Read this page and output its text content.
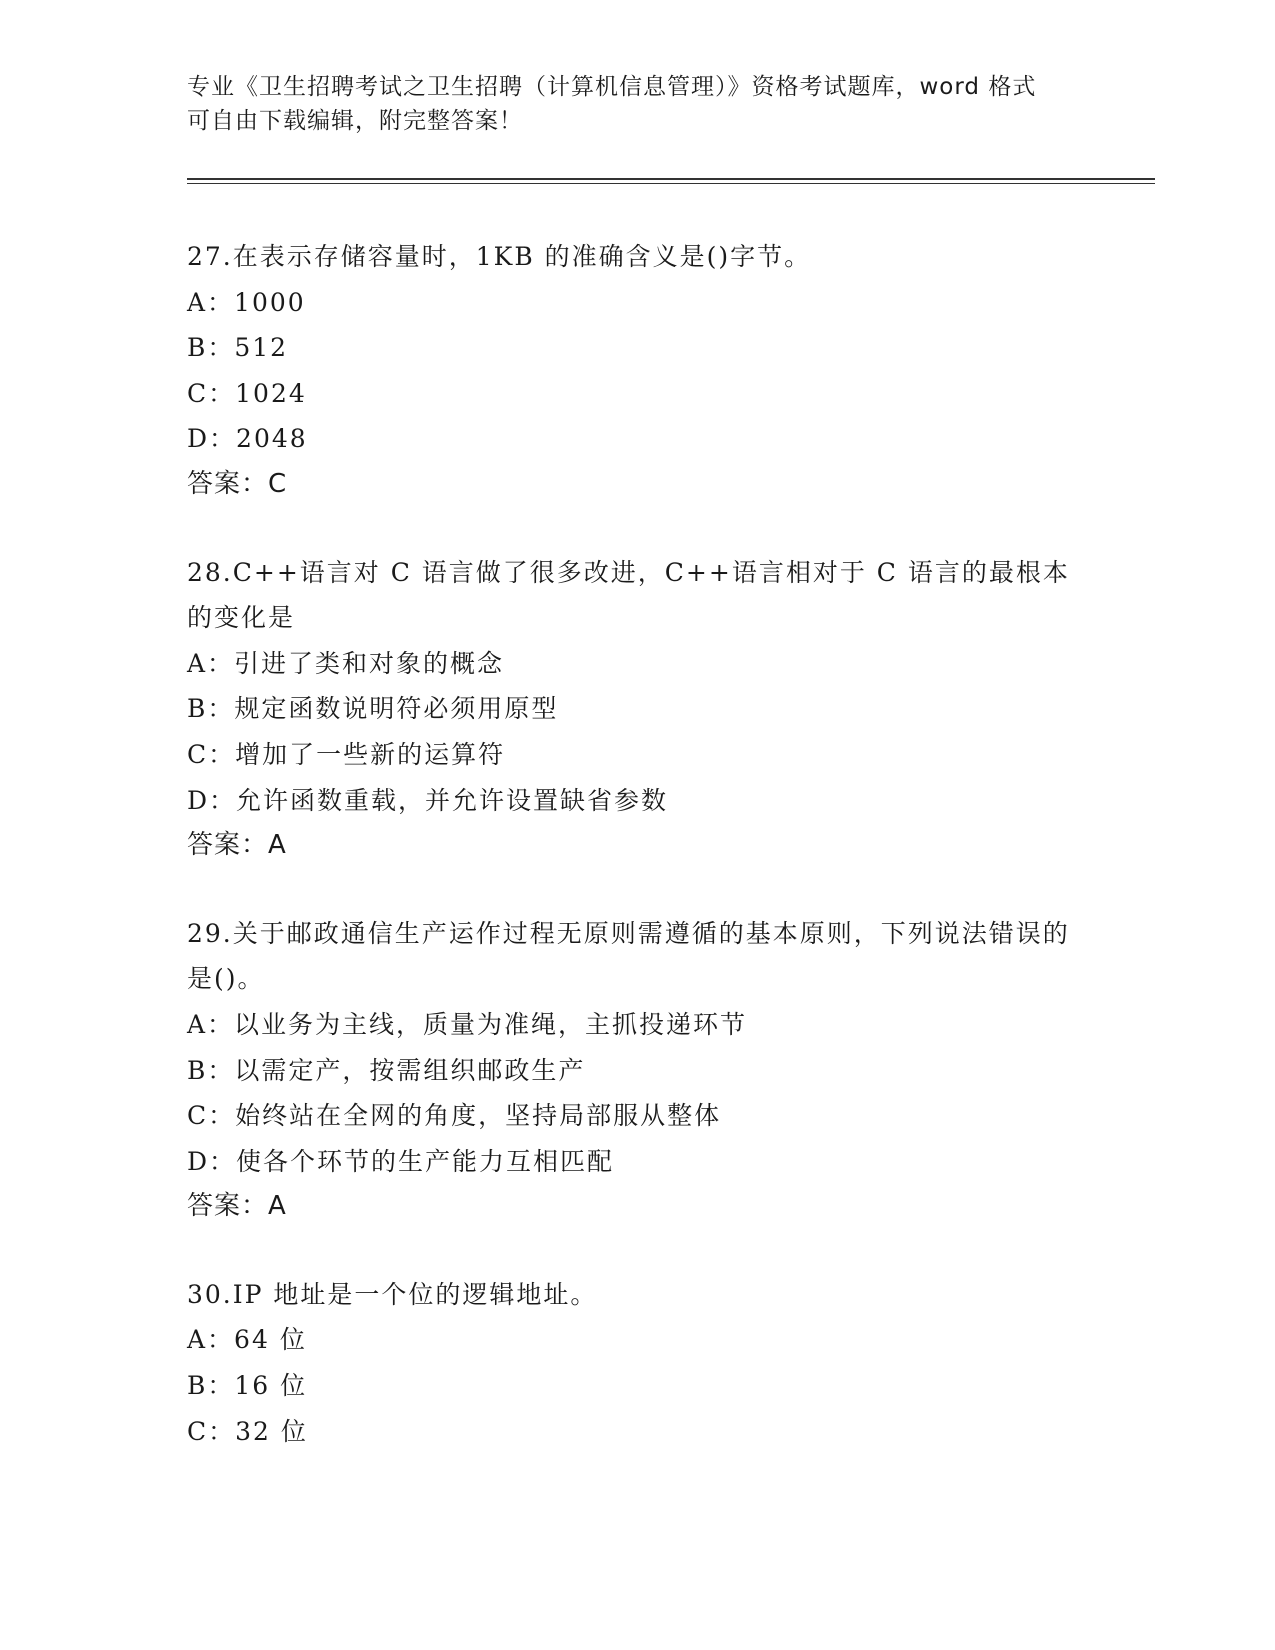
专业《卫生招聘考试之卫生招聘（计算机信息管理）》资格考试题库，word 格式
可自由下载编辑，附完整答案！
27.在表示存储容量时，1KB 的准确含义是()字节。
A：1000
B：512
C：1024
D：2048
答案：C
28.C++语言对 C 语言做了很多改进，C++语言相对于 C 语言的最根本的变化是
A：引进了类和对象的概念
B：规定函数说明符必须用原型
C：增加了一些新的运算符
D：允许函数重载，并允许设置缺省参数
答案：A
29.关于邮政通信生产运作过程无原则需遵循的基本原则，下列说法错误的是()。
A：以业务为主线，质量为准绳，主抓投递环节
B：以需定产，按需组织邮政生产
C：始终站在全网的角度，坚持局部服从整体
D：使各个环节的生产能力互相匹配
答案：A
30.IP 地址是一个位的逻辑地址。
A：64 位
B：16 位
C：32 位
